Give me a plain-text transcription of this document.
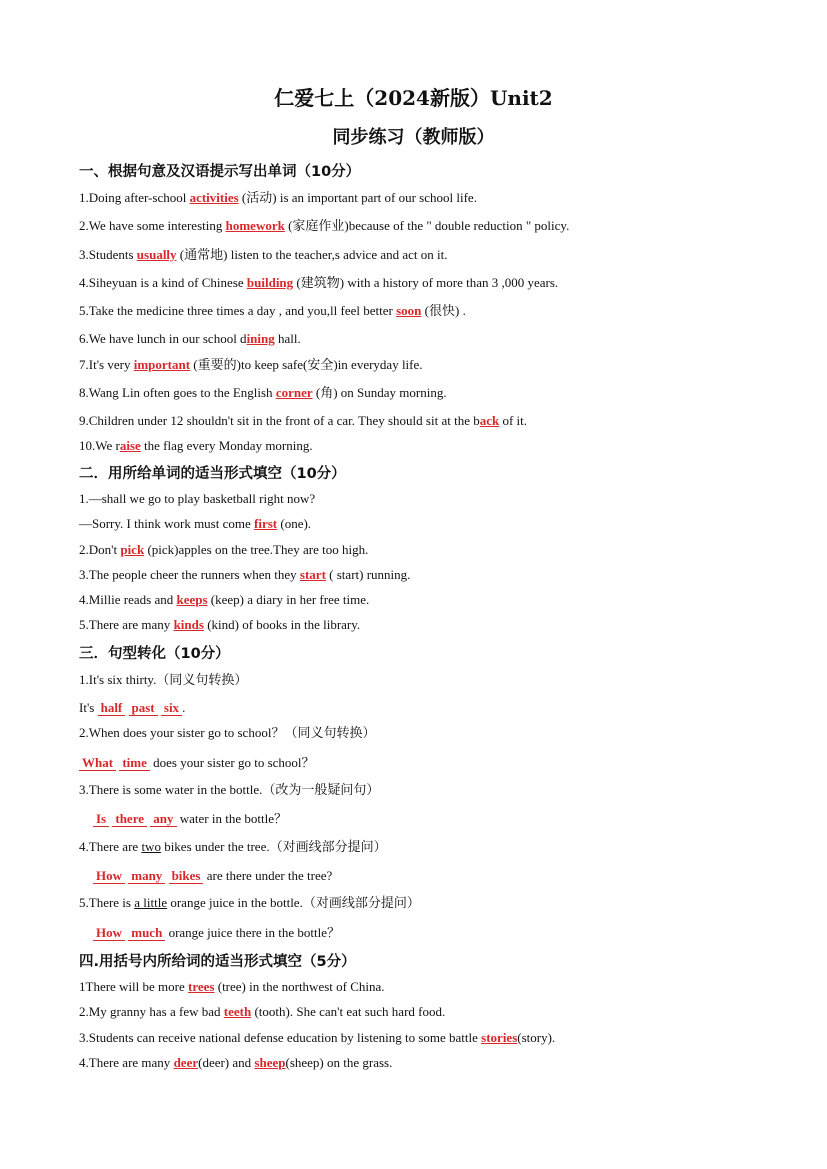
仁爱七上（2024新版）Unit2
同步练习（教师版）
一、根据句意及汉语提示写出单词（10分）
1.Doing after-school activities (活动) is an important part of our school life.
2.We have some interesting homework (家庭作业)because of the " double reduction " policy.
3.Students usually (通常地) listen to the teacher,s advice and act on it.
4.Siheyuan is a kind of Chinese building (建筑物) with a history of more than 3 ,000 years.
5.Take the medicine three times a day , and you,ll feel better soon (很快) .
6.We have lunch in our school dining hall.
7.It's very important (重要的)to keep safe(安全)in everyday life.
8.Wang Lin often goes to the English corner (角) on Sunday morning.
9.Children under 12 shouldn't sit in the front of a car. They should sit at the back of it.
10.We raise the flag every Monday morning.
二．用所给单词的适当形式填空（10分）
1.—shall we go to play basketball right now?
—Sorry. I think work must come first (one).
2.Don't pick (pick)apples on the tree.They are too high.
3.The people cheer the runners when they start ( start) running.
4.Millie reads and keeps (keep) a diary in her free time.
5.There are many kinds (kind) of books in the library.
三．句型转化（10分）
1.It's six thirty.（同义句转换）
It's half past six .
2.When does your sister go to school？（同义句转换）
What time does your sister go to school？
3.There is some water in the bottle.（改为一般疑问句）
Is there any water in the bottle？
4.There are two bikes under the tree.（对画线部分提问）
How many bikes are there under the tree?
5.There is a little orange juice in the bottle.（对画线部分提问）
How much orange juice there in the bottle？
四.用括号内所给词的适当形式填空（5分）
1There will be more trees (tree) in the northwest of China.
2.My granny has a few bad teeth (tooth). She can't eat such hard food.
3.Students can receive national defense education by listening to some battle stories(story).
4.There are many deer(deer) and sheep(sheep) on the grass.
